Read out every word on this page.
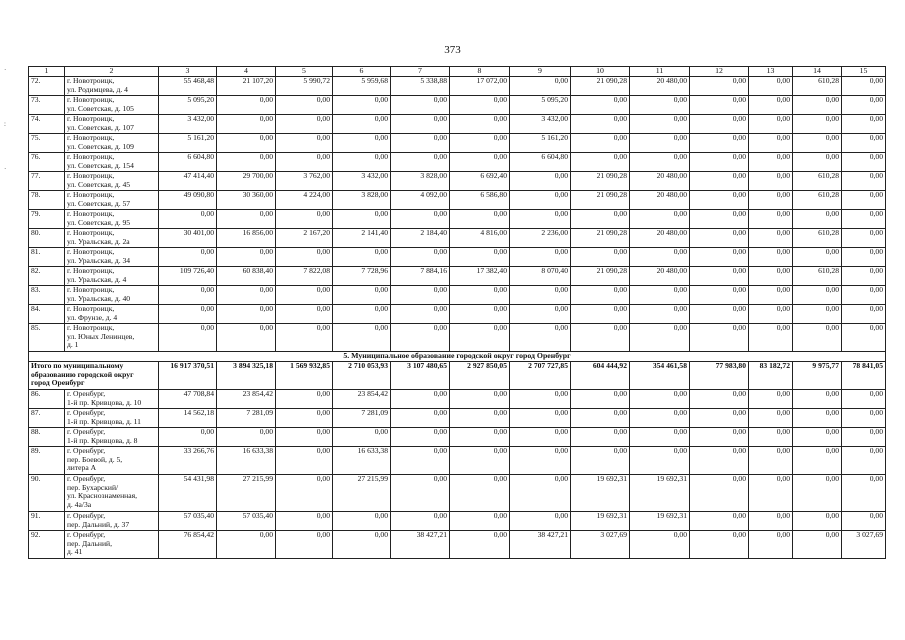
373
·
:
·
1	2	3	4	5	6	7	8	9	10	11	12	13	14	15
72.	г. Новотроицк,
ул. Родимцева, д. 4	55 468,48	21 107,20	5 990,72	5 959,68	5 338,88	17 072,00	0,00	21 090,28	20 480,00	0,00	0,00	610,28	0,00
73.	г. Новотроицк,
ул. Советская, д. 105	5 095,20	0,00	0,00	0,00	0,00	0,00	5 095,20	0,00	0,00	0,00	0,00	0,00	0,00
74.	г. Новотроицк,
ул. Советская, д. 107	3 432,00	0,00	0,00	0,00	0,00	0,00	3 432,00	0,00	0,00	0,00	0,00	0,00	0,00
75.	г. Новотроицк,
ул. Советская, д. 109	5 161,20	0,00	0,00	0,00	0,00	0,00	5 161,20	0,00	0,00	0,00	0,00	0,00	0,00
76.	г. Новотроицк,
ул. Советская, д. 154	6 604,80	0,00	0,00	0,00	0,00	0,00	6 604,80	0,00	0,00	0,00	0,00	0,00	0,00
77.	г. Новотроицк,
ул. Советская, д. 45	47 414,40	29 700,00	3 762,00	3 432,00	3 828,00	6 692,40	0,00	21 090,28	20 480,00	0,00	0,00	610,28	0,00
78.	г. Новотроицк,
ул. Советская, д. 57	49 090,80	30 360,00	4 224,00	3 828,00	4 092,00	6 586,80	0,00	21 090,28	20 480,00	0,00	0,00	610,28	0,00
79.	г. Новотроицк,
ул. Советская, д. 95	0,00	0,00	0,00	0,00	0,00	0,00	0,00	0,00	0,00	0,00	0,00	0,00	0,00
80.	г. Новотроицк,
ул. Уральская, д. 2а	30 401,00	16 856,00	2 167,20	2 141,40	2 184,40	4 816,00	2 236,00	21 090,28	20 480,00	0,00	0,00	610,28	0,00
81.	г. Новотроицк,
ул. Уральская, д. 34	0,00	0,00	0,00	0,00	0,00	0,00	0,00	0,00	0,00	0,00	0,00	0,00	0,00
82.	г. Новотроицк,
ул. Уральская, д. 4	109 726,40	60 838,40	7 822,08	7 728,96	7 884,16	17 382,40	8 070,40	21 090,28	20 480,00	0,00	0,00	610,28	0,00
83.	г. Новотроицк,
ул. Уральская, д. 40	0,00	0,00	0,00	0,00	0,00	0,00	0,00	0,00	0,00	0,00	0,00	0,00	0,00
84.	г. Новотроицк,
ул. Фрунзе, д. 4	0,00	0,00	0,00	0,00	0,00	0,00	0,00	0,00	0,00	0,00	0,00	0,00	0,00
85.	г. Новотроицк,
ул. Юных Ленинцев,
д. 1	0,00	0,00	0,00	0,00	0,00	0,00	0,00	0,00	0,00	0,00	0,00	0,00	0,00
5. Муниципальное образование городской округ город Оренбург														

Итого по муниципальному
образованию городской округ
город Оренбург		16 917 370,51	3 894 325,18	1 569 932,85	2 710 053,93	3 107 480,65	2 927 850,05	2 707 727,85	604 444,92	354 461,58	77 983,80	83 182,72	9 975,77	78 841,05
86.	г. Оренбург,
1-й пр. Кривцова, д. 10	47 708,84	23 854,42	0,00	23 854,42	0,00	0,00	0,00	0,00	0,00	0,00	0,00	0,00	0,00
87.	г. Оренбург,
1-й пр. Кривцова, д. 11	14 562,18	7 281,09	0,00	7 281,09	0,00	0,00	0,00	0,00	0,00	0,00	0,00	0,00	0,00
88.	г. Оренбург,
1-й пр. Кривцова, д. 8	0,00	0,00	0,00	0,00	0,00	0,00	0,00	0,00	0,00	0,00	0,00	0,00	0,00
89.	г. Оренбург,
пер. Боевой, д. 5,
литера А	33 266,76	16 633,38	0,00	16 633,38	0,00	0,00	0,00	0,00	0,00	0,00	0,00	0,00	0,00
90.	г. Оренбург,
пер. Бухарский/
ул. Краснознаменная,
д. 4а/3а	54 431,98	27 215,99	0,00	27 215,99	0,00	0,00	0,00	19 692,31	19 692,31	0,00	0,00	0,00	0,00
91.	г. Оренбург,
пер. Дальний, д. 37	57 035,40	57 035,40	0,00	0,00	0,00	0,00	0,00	19 692,31	19 692,31	0,00	0,00	0,00	0,00
92.	г. Оренбург,
пер. Дальний,
д. 41	76 854,42	0,00	0,00	0,00	38 427,21	0,00	38 427,21	3 027,69	0,00	0,00	0,00	0,00	3 027,69
